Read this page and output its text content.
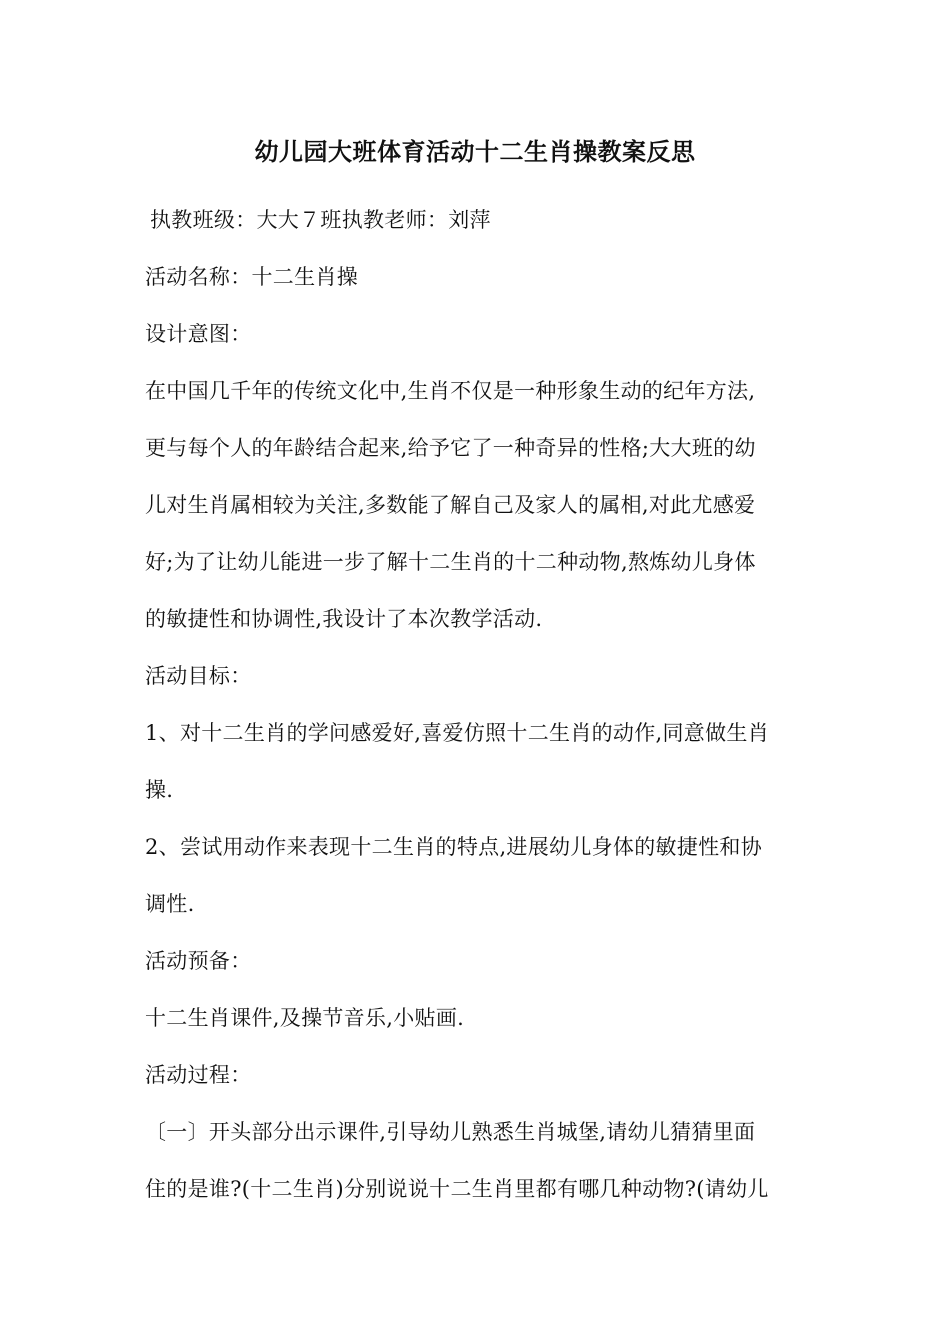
幼儿园大班体育活动十二生肖操教案反思
执教班级：大大７班执教老师：刘萍
活动名称：十二生肖操
设计意图：
在中国几千年的传统文化中,生肖不仅是一种形象生动的纪年方法,
更与每个人的年龄结合起来,给予它了一种奇异的性格;大大班的幼
儿对生肖属相较为关注,多数能了解自己及家人的属相,对此尤感爱
好;为了让幼儿能进一步了解十二生肖的十二种动物,熬炼幼儿身体
的敏捷性和协调性,我设计了本次教学活动.
活动目标：
1、对十二生肖的学问感爱好,喜爱仿照十二生肖的动作,同意做生肖
操.
2、尝试用动作来表现十二生肖的特点,进展幼儿身体的敏捷性和协
调性.
活动预备：
十二生肖课件,及操节音乐,小贴画.
活动过程：
〔一〕开头部分出示课件,引导幼儿熟悉生肖城堡,请幼儿猜猜里面
住的是谁?(十二生肖)分别说说十二生肖里都有哪几种动物?(请幼儿
